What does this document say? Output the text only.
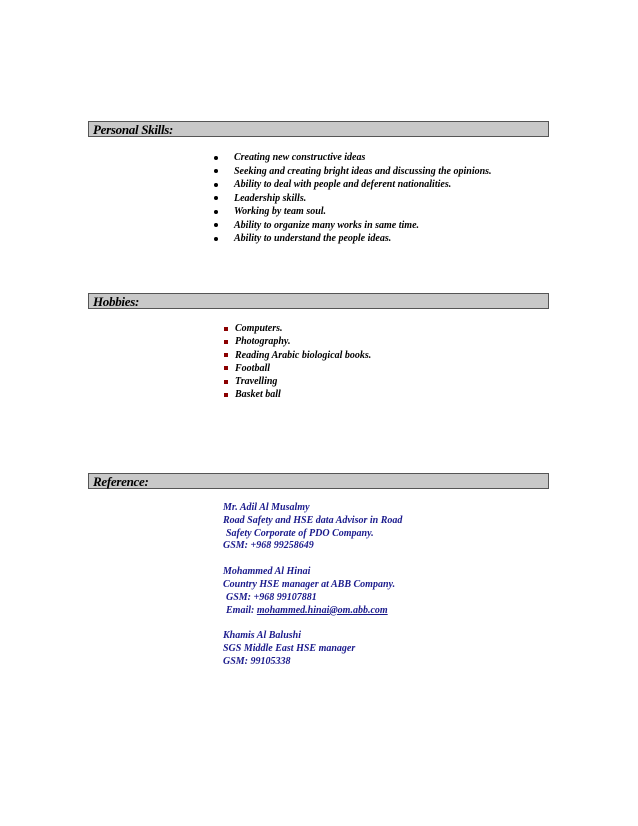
Personal Skills:
Creating new constructive ideas
Seeking and creating bright ideas and discussing the opinions.
Ability to deal with people and deferent nationalities.
Leadership skills.
Working by team soul.
Ability to organize many works in same time.
Ability to understand the people ideas.
Hobbies:
Computers.
Photography.
Reading Arabic biological books.
Football
Travelling
Basket ball
Reference:
Mr. Adil Al Musalmy
Road Safety and HSE data Advisor in Road
Safety Corporate of PDO Company.
GSM: +968 99258649
Mohammed Al Hinai
Country HSE manager at ABB Company.
GSM: +968 99107881
Email: mohammed.hinai@om.abb.com
Khamis Al Balushi
SGS Middle East HSE manager
GSM: 99105338
